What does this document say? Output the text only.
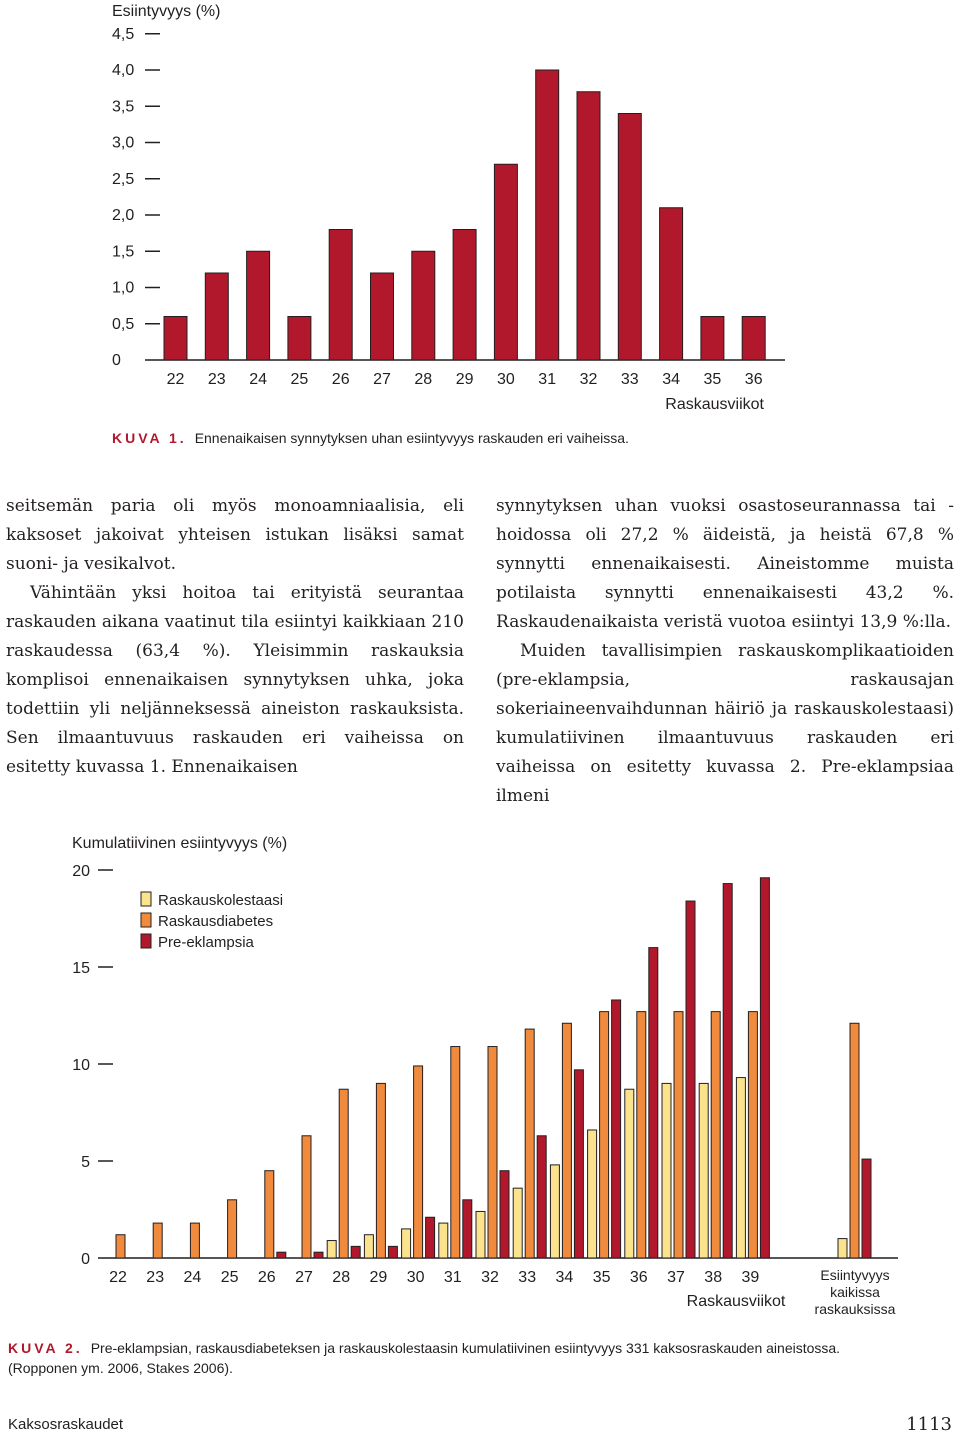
Esiintyvyys (%)
0
0,5
1,0
1,5
2,0
2,5
3,0
3,5
4,0
4,5
22 23 24 25 26 27 28 29 30 31 32 33 34 35 36
Raskausviikot
KUVA 1. Ennenaikaisen synnytyksen uhan esiintyvyys raskauden eri vaiheissa.

seitsemän paria oli myös monoamniaalisia, eli kaksoset jakoivat yhteisen istukan lisäksi samat suoni- ja vesikalvot.

Vähintään yksi hoitoa tai erityistä seurantaa raskauden aikana vaatinut tila esiintyi kaikkiaan 210 raskaudessa (63,4 %). Yleisimmin raskauksia komplisoi ennenaikaisen synnytyksen uhka, joka todettiin yli neljänneksessä aineiston raskauksista. Sen ilmaantuvuus raskauden eri vaiheissa on esitetty kuvassa 1. Ennenaikaisen

synnytyksen uhan vuoksi osastoseurannassa tai -hoidossa oli 27,2 % äideistä, ja heistä 67,8 % synnytti ennenaikaisesti. Aineistomme muista potilaista synnytti ennenaikaisesti 43,2 %. Raskaudenaikaista veristä vuotoa esiintyi 13,9 %:lla.

Muiden tavallisimpien raskauskomplikaatioiden (pre-eklampsia, raskausajan sokeriaineenvaihdunnan häiriö ja raskauskolestaasi) kumulatiivinen ilmaantuvuus raskauden eri vaiheissa on esitetty kuvassa 2. Pre-eklampsiaa ilmeni

Kumulatiivinen esiintyvyys (%)
0
5
10
15
20
22 23 24 25 26 27 28 29 30 31 32 33 34 35 36 37 38 39	Esiintyvyys
kaikissa
raskauksissa
Raskausviikot
Raskauskolestaasi
Raskausdiabetes
Pre-eklampsia
KUVA 2. Pre-eklampsian, raskausdiabeteksen ja raskauskolestaasin kumulatiivinen esiintyvyys 331 kaksosraskauden aineistossa.
(Ropponen ym. 2006, Stakes 2006).
Kaksosraskaudet	1113
